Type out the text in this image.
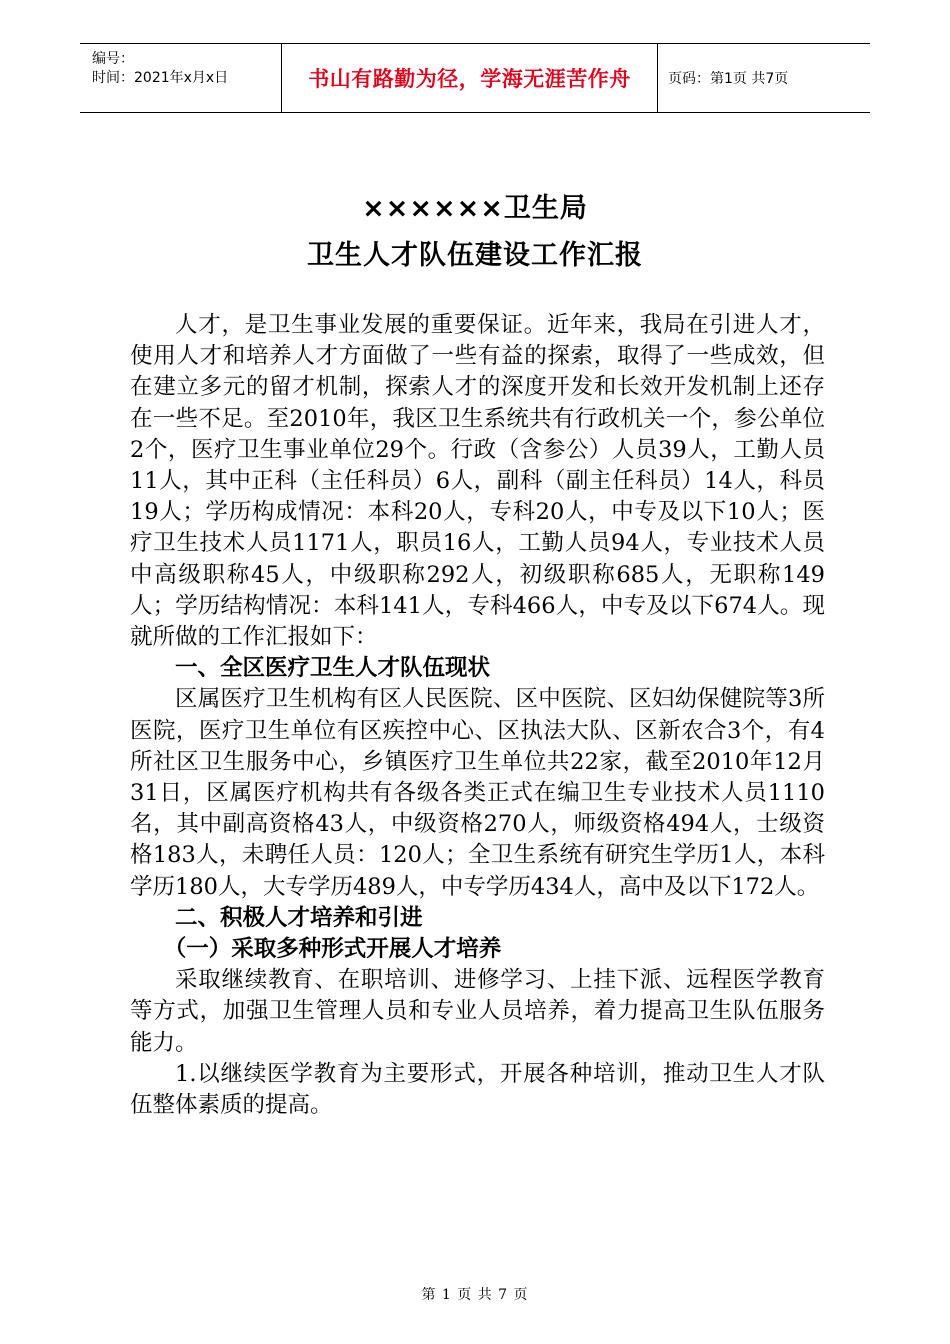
编号：
时间：2021年x月x日	书山有路勤为径，学海无涯苦作舟	页码：第1页 共7页
××××××卫生局
卫生人才队伍建设工作汇报

人才，是卫生事业发展的重要保证。近年来，我局在引进人才，使用人才和培养人才方面做了一些有益的探索，取得了一些成效，但在建立多元的留才机制，探索人才的深度开发和长效开发机制上还存在一些不足。至2010年，我区卫生系统共有行政机关一个，参公单位2个，医疗卫生事业单位29个。行政（含参公）人员39人，工勤人员11人，其中正科（主任科员）6人，副科（副主任科员）14人，科员19人；学历构成情况：本科20人，专科20人，中专及以下10人；医疗卫生技术人员1171人，职员16人，工勤人员94人，专业技术人员中高级职称45人，中级职称292人，初级职称685人，无职称149人；学历结构情况：本科141人，专科466人，中专及以下674人。现就所做的工作汇报如下：

一、全区医疗卫生人才队伍现状

区属医疗卫生机构有区人民医院、区中医院、区妇幼保健院等3所医院，医疗卫生单位有区疾控中心、区执法大队、区新农合3个，有4所社区卫生服务中心，乡镇医疗卫生单位共22家，截至2010年12月31日，区属医疗机构共有各级各类正式在编卫生专业技术人员1110名，其中副高资格43人，中级资格270人，师级资格494人，士级资格183人，未聘任人员：120人；全卫生系统有研究生学历1人，本科学历180人，大专学历489人，中专学历434人，高中及以下172人。

二、积极人才培养和引进
（一）采取多种形式开展人才培养

采取继续教育、在职培训、进修学习、上挂下派、远程医学教育等方式，加强卫生管理人员和专业人员培养，着力提高卫生队伍服务能力。

1.以继续医学教育为主要形式，开展各种培训，推动卫生人才队伍整体素质的提高。

第 1 页 共 7 页
